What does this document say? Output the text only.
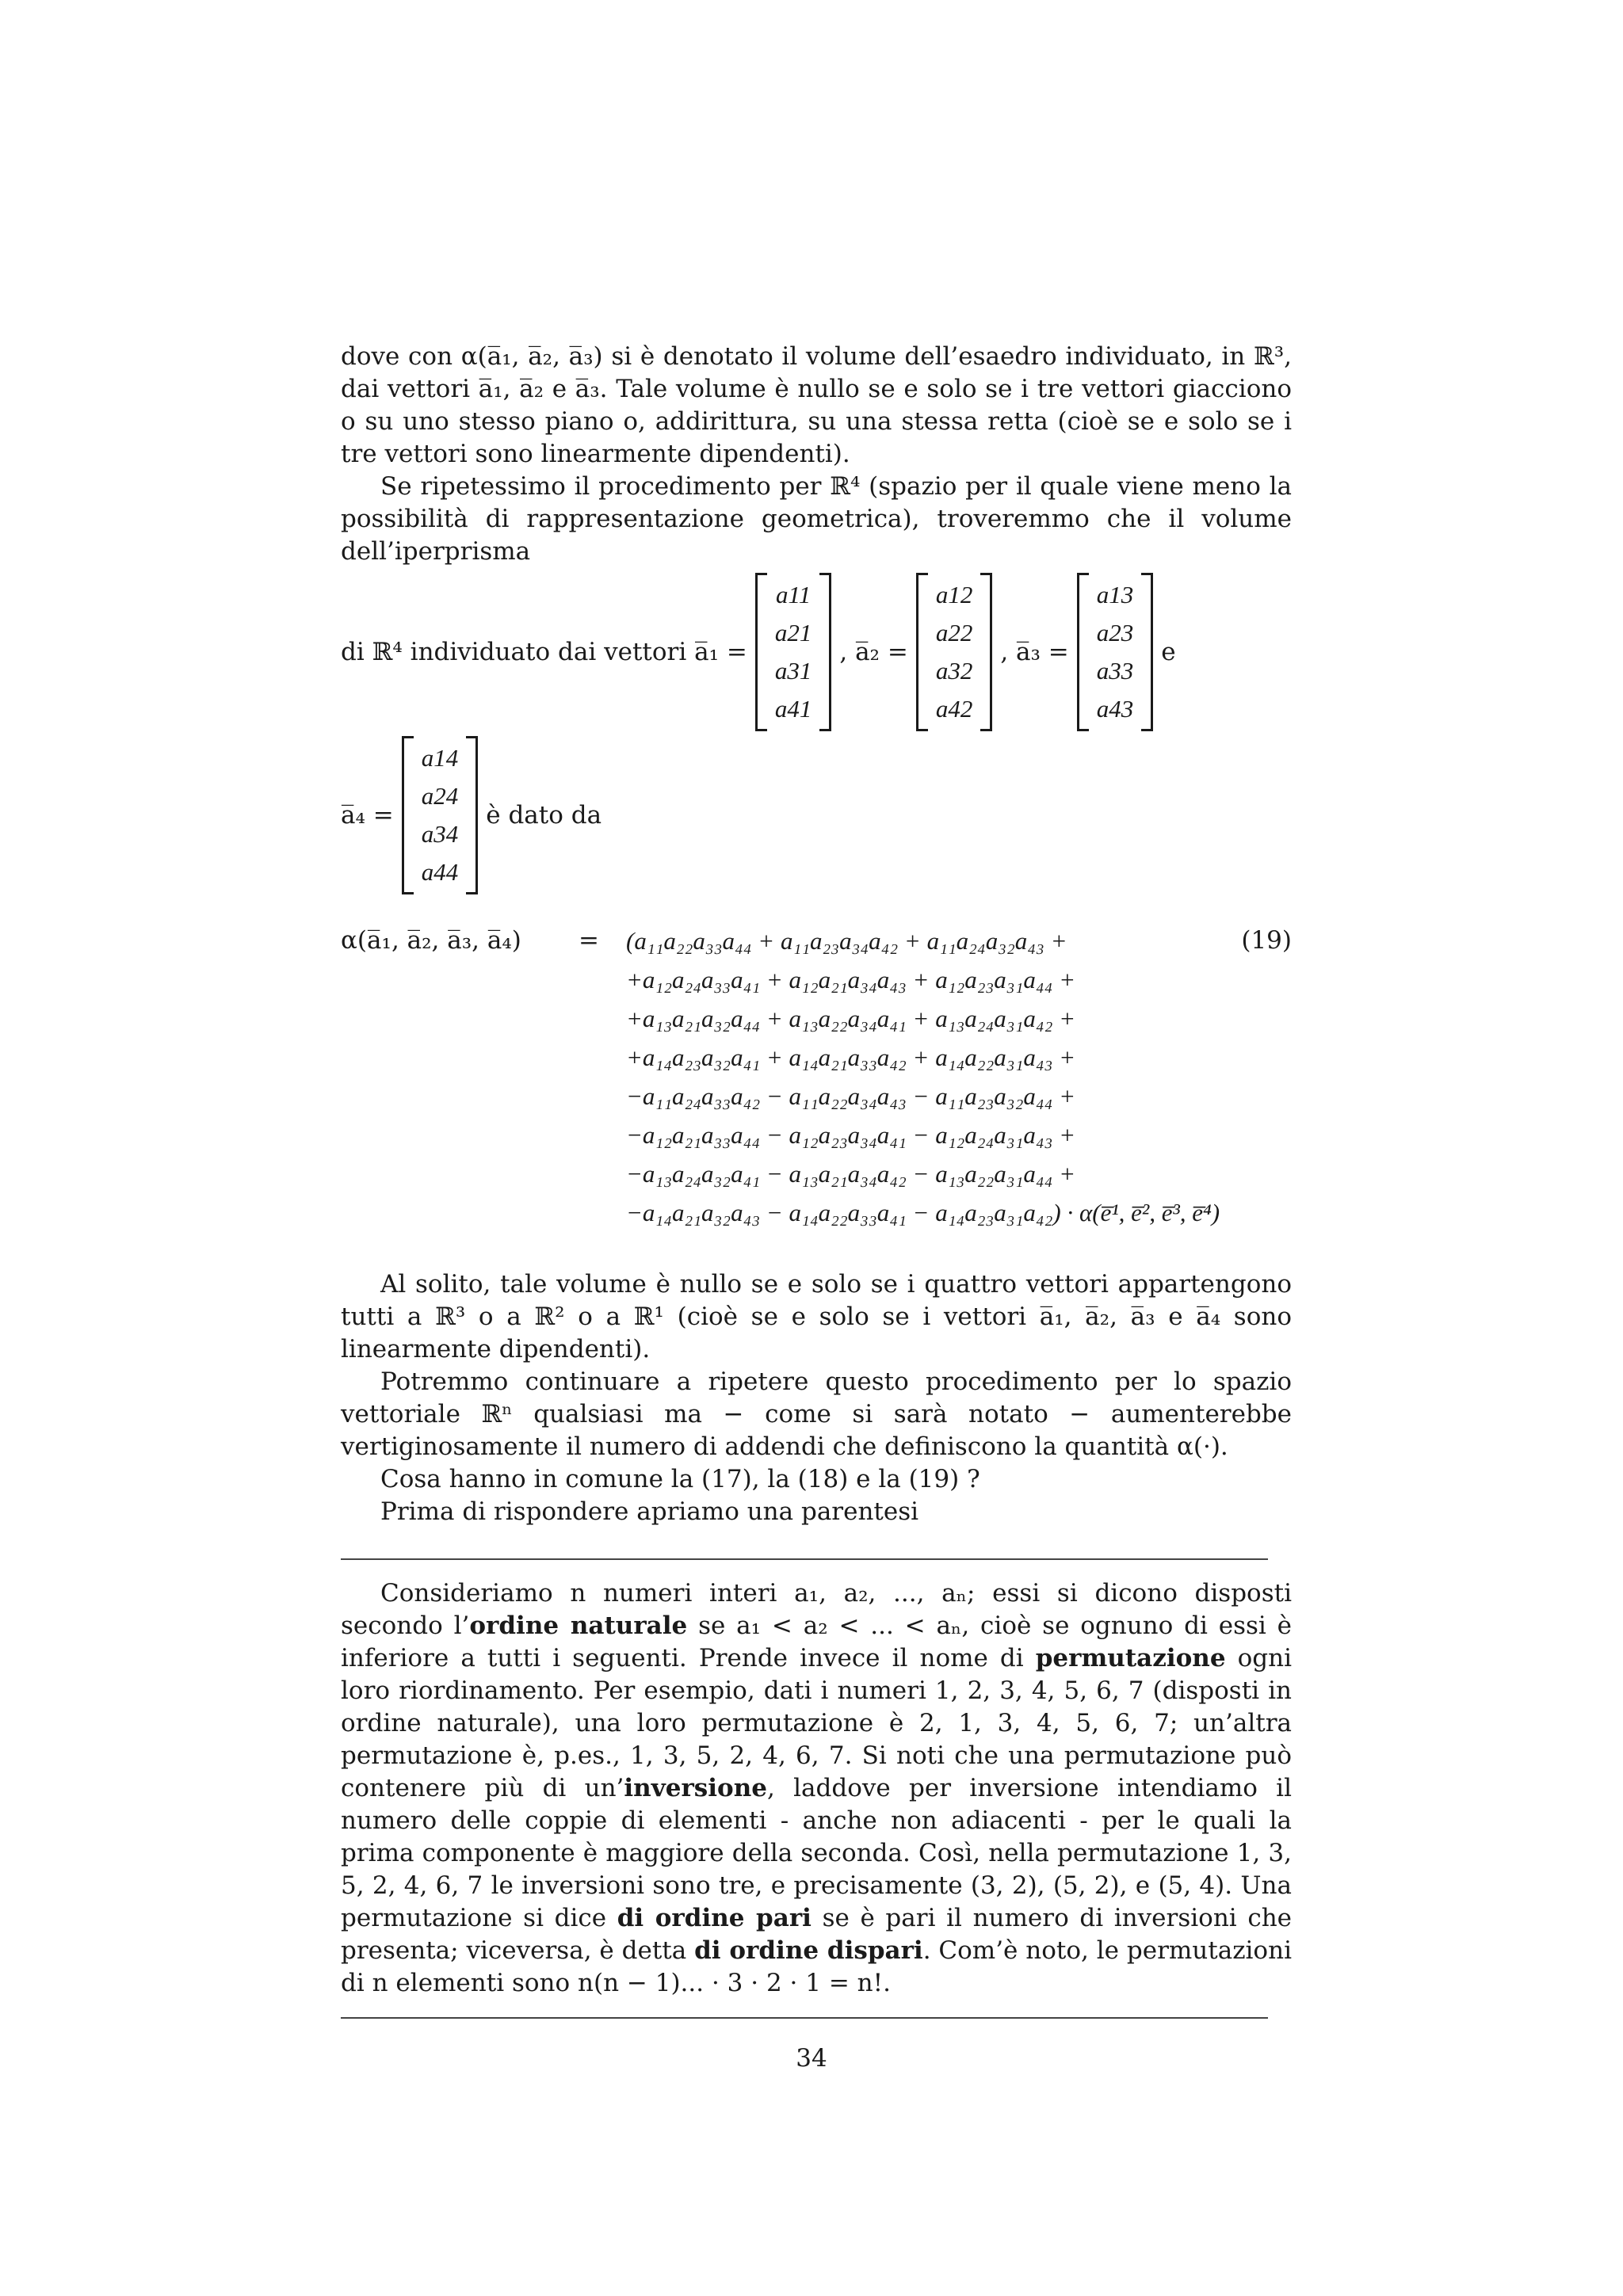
dove con α(a̅₁, a̅₂, a̅₃) si è denotato il volume dell’esaedro individuato, in ℝ³, dai vettori a̅₁, a̅₂ e a̅₃. Tale volume è nullo se e solo se i tre vettori giacciono o su uno stesso piano o, addirittura, su una stessa retta (cioè se e solo se i tre vettori sono linearmente dipendenti).

Se ripetessimo il procedimento per ℝ⁴ (spazio per il quale viene meno la possibilità di rappresentazione geometrica), troveremmo che il volume dell’iperprisma

di ℝ⁴ individuato dai vettori a̅₁ =
a11
a21
a31
a41
, a̅₂ =
a12
a22
a32
a42
, a̅₃ =
a13
a23
a33
a43
e
a̅₄ =
a14
a24
a34
a44
è dato da
α(a̅₁, a̅₂, a̅₃, a̅₄) = (a₁₁a₂₂a₃₃a₄₄ + a₁₁a₂₃a₃₄a₄₂ + a₁₁a₂₄a₃₂a₄₃ +	(19)
+a₁₂a₂₄a₃₃a₄₁ + a₁₂a₂₁a₃₄a₄₃ + a₁₂a₂₃a₃₁a₄₄ +
+a₁₃a₂₁a₃₂a₄₄ + a₁₃a₂₂a₃₄a₄₁ + a₁₃a₂₄a₃₁a₄₂ +
+a₁₄a₂₃a₃₂a₄₁ + a₁₄a₂₁a₃₃a₄₂ + a₁₄a₂₂a₃₁a₄₃ +
−a₁₁a₂₄a₃₃a₄₂ − a₁₁a₂₂a₃₄a₄₃ − a₁₁a₂₃a₃₂a₄₄ +
−a₁₂a₂₁a₃₃a₄₄ − a₁₂a₂₃a₃₄a₄₁ − a₁₂a₂₄a₃₁a₄₃ +
−a₁₃a₂₄a₃₂a₄₁ − a₁₃a₂₁a₃₄a₄₂ − a₁₃a₂₂a₃₁a₄₄ +
−a₁₄a₂₁a₃₂a₄₃ − a₁₄a₂₂a₃₃a₄₁ − a₁₄a₂₃a₃₁a₄₂) · α(e̅¹, e̅², e̅³, e̅⁴)

Al solito, tale volume è nullo se e solo se i quattro vettori appartengono tutti a ℝ³ o a ℝ² o a ℝ¹ (cioè se e solo se i vettori a̅₁, a̅₂, a̅₃ e a̅₄ sono linearmente dipendenti).

Potremmo continuare a ripetere questo procedimento per lo spazio vettoriale ℝⁿ qualsiasi ma − come si sarà notato − aumenterebbe vertiginosamente il numero di addendi che definiscono la quantità α(·).

Cosa hanno in comune la (17), la (18) e la (19) ?

Prima di rispondere apriamo una parentesi

Consideriamo n numeri interi a₁, a₂, ..., aₙ; essi si dicono disposti secondo l’ordine naturale se a₁ < a₂ < ... < aₙ, cioè se ognuno di essi è inferiore a tutti i seguenti. Prende invece il nome di permutazione ogni loro riordinamento. Per esempio, dati i numeri 1, 2, 3, 4, 5, 6, 7 (disposti in ordine naturale), una loro permutazione è 2, 1, 3, 4, 5, 6, 7; un’altra permutazione è, p.es., 1, 3, 5, 2, 4, 6, 7. Si noti che una permutazione può contenere più di un’inversione, laddove per inversione intendiamo il numero delle coppie di elementi - anche non adiacenti - per le quali la prima componente è maggiore della seconda. Così, nella permutazione 1, 3, 5, 2, 4, 6, 7 le inversioni sono tre, e precisamente (3, 2), (5, 2), e (5, 4). Una permutazione si dice di ordine pari se è pari il numero di inversioni che presenta; viceversa, è detta di ordine dispari. Com’è noto, le permutazioni di n elementi sono n(n − 1)... · 3 · 2 · 1 = n!.

34
